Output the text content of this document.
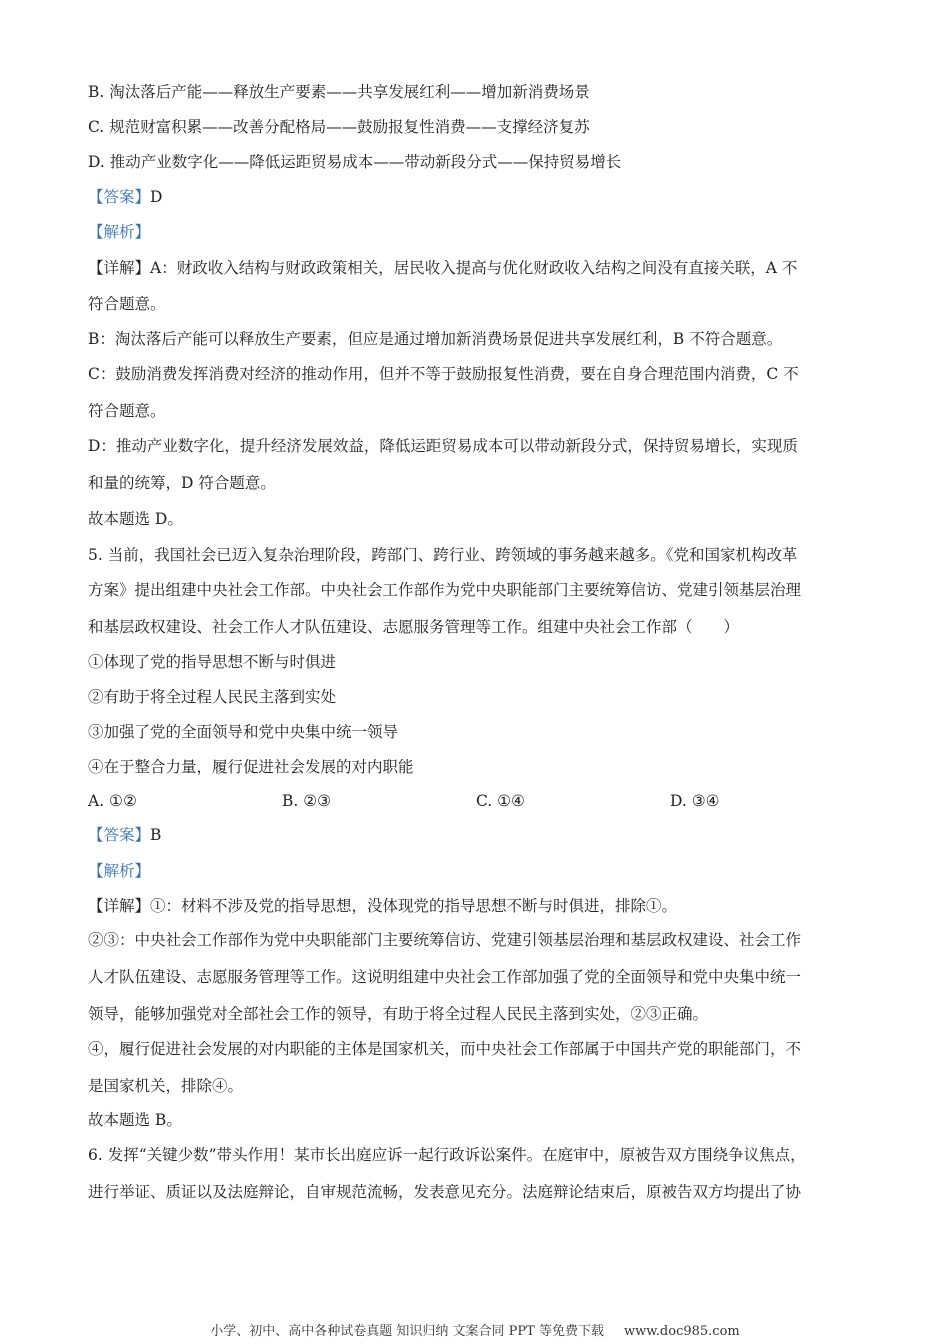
B. 淘汰落后产能——释放生产要素——共享发展红利——增加新消费场景
C. 规范财富积累——改善分配格局——鼓励报复性消费——支撑经济复苏
D. 推动产业数字化——降低运距贸易成本——带动新段分式——保持贸易增长
【答案】D
【解析】
【详解】A：财政收入结构与财政政策相关，居民收入提高与优化财政收入结构之间没有直接关联，A 不
符合题意。
B：淘汰落后产能可以释放生产要素，但应是通过增加新消费场景促进共享发展红利，B 不符合题意。
C：鼓励消费发挥消费对经济的推动作用，但并不等于鼓励报复性消费，要在自身合理范围内消费，C 不
符合题意。
D：推动产业数字化，提升经济发展效益，降低运距贸易成本可以带动新段分式，保持贸易增长，实现质
和量的统筹，D 符合题意。
故本题选 D。
5. 当前，我国社会已迈入复杂治理阶段，跨部门、跨行业、跨领域的事务越来越多。《党和国家机构改革
方案》提出组建中央社会工作部。中央社会工作部作为党中央职能部门主要统筹信访、党建引领基层治理
和基层政权建设、社会工作人才队伍建设、志愿服务管理等工作。组建中央社会工作部（　　）
①体现了党的指导思想不断与时俱进
②有助于将全过程人民民主落到实处
③加强了党的全面领导和党中央集中统一领导
④在于整合力量，履行促进社会发展的对内职能
A. ①②	B. ②③	C. ①④	D. ③④
【答案】B
【解析】
【详解】①：材料不涉及党的指导思想，没体现党的指导思想不断与时俱进，排除①。
②③：中央社会工作部作为党中央职能部门主要统筹信访、党建引领基层治理和基层政权建设、社会工作
人才队伍建设、志愿服务管理等工作。这说明组建中央社会工作部加强了党的全面领导和党中央集中统一
领导，能够加强党对全部社会工作的领导，有助于将全过程人民民主落到实处，②③正确。
④，履行促进社会发展的对内职能的主体是国家机关，而中央社会工作部属于中国共产党的职能部门，不
是国家机关，排除④。
故本题选 B。
6. 发挥“关键少数”带头作用！某市长出庭应诉一起行政诉讼案件。在庭审中，原被告双方围绕争议焦点，
进行举证、质证以及法庭辩论，自审规范流畅，发表意见充分。法庭辩论结束后，原被告双方均提出了协
小学、初中、高中各种试卷真题 知识归纳 文案合同 PPT 等免费下载 www.doc985.com
